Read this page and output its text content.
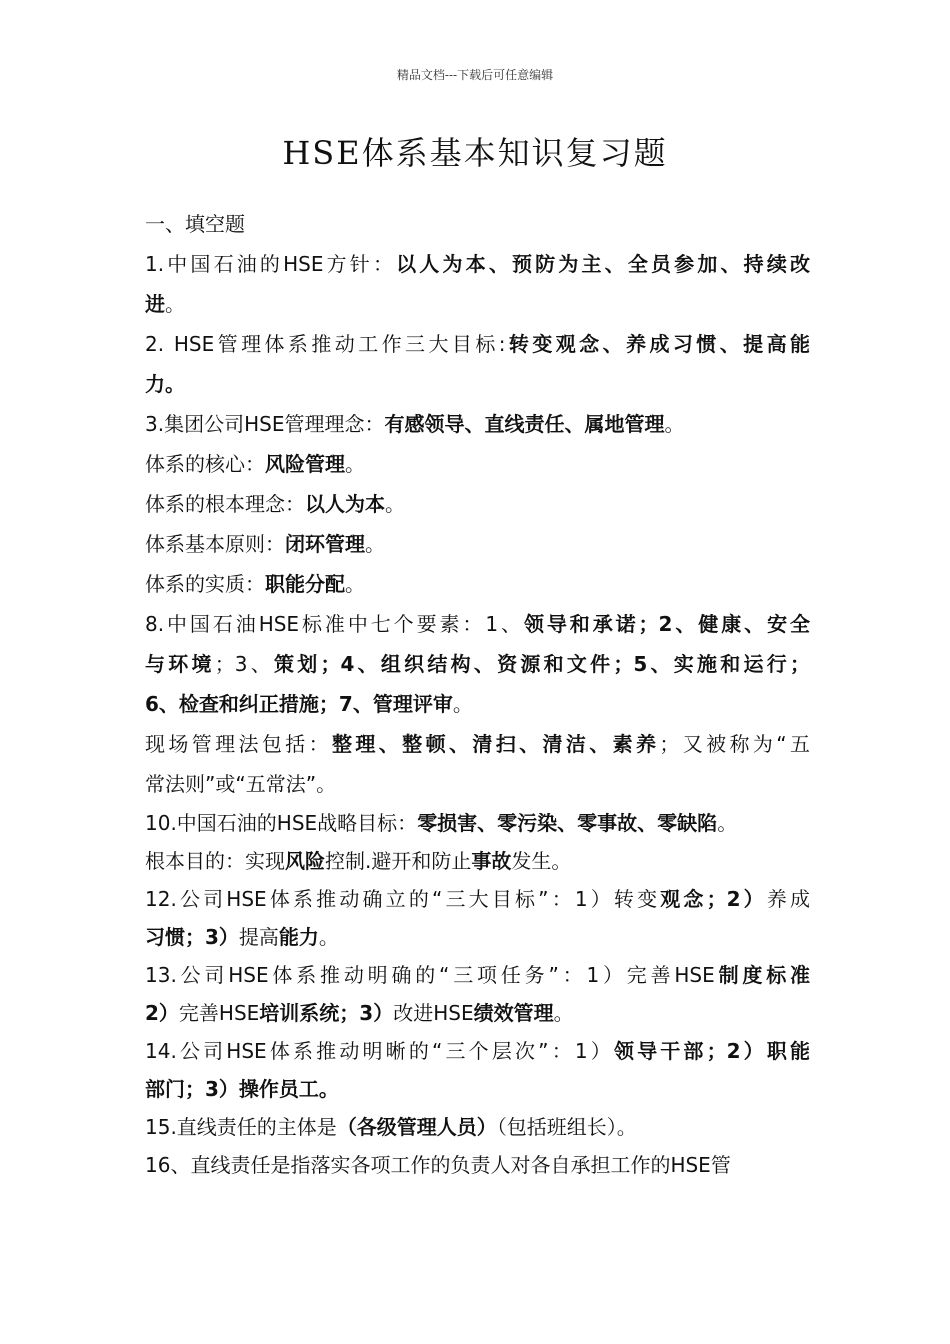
精品文档---下载后可任意编辑
HSE体系基本知识复习题
一、填空题
1.中国石油的HSE方针：以人为本、预防为主、全员参加、持续改
进。
2. HSE管理体系推动工作三大目标:转变观念、养成习惯、提高能
力。
3.集团公司HSE管理理念：有感领导、直线责任、属地管理。
体系的核心：风险管理。
体系的根本理念：以人为本。
体系基本原则：闭环管理。
体系的实质：职能分配。
8.中国石油HSE标准中七个要素：1、领导和承诺；2、健康、安全
与环境；3、策划；4、组织结构、资源和文件；5、实施和运行；
6、检查和纠正措施；7、管理评审。
现场管理法包括：整理、整顿、清扫、清洁、素养；又被称为“五
常法则”或“五常法”。
10.中国石油的HSE战略目标：零损害、零污染、零事故、零缺陷。
根本目的：实现风险控制.避开和防止事故发生。
12.公司HSE体系推动确立的“三大目标”：1）转变观念；2）养成
习惯；3）提高能力。
13.公司HSE体系推动明确的“三项任务”：1）完善HSE制度标准
2）完善HSE培训系统；3）改进HSE绩效管理。
14.公司HSE体系推动明晰的“三个层次”：1）领导干部；2）职能
部门；3）操作员工。
15.直线责任的主体是（各级管理人员）（包括班组长）。
16、直线责任是指落实各项工作的负责人对各自承担工作的HSE管
